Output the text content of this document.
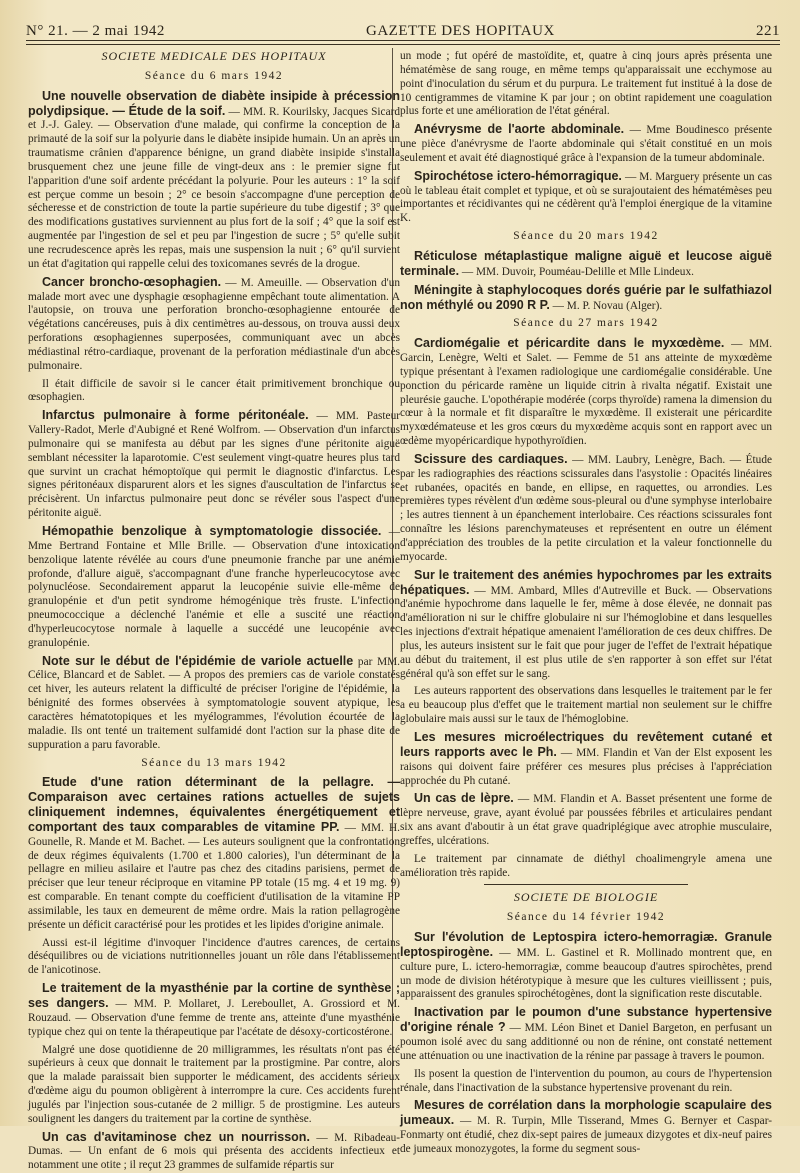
N° 21. — 2 mai 1942	GAZETTE DES HOPITAUX	221

SOCIETE MEDICALE DES HOPITAUX

Séance du 6 mars 1942

Une nouvelle observation de diabète insipide à précession polydipsique. — Étude de la soif. — MM. R. Kourilsky, Jacques Sicard et J.-J. Galey. — Observation d'une malade, qui confirme la conception de la primauté de la soif sur la polyurie dans le diabète insipide humain. Un an après un traumatisme crânien d'apparence bénigne, un grand diabète insipide s'installa brusquement chez une jeune fille de vingt-deux ans : le premier signe fut l'apparition d'une soif ardente précédant la polyurie. Pour les auteurs : 1° la soif est perçue comme un besoin ; 2° ce besoin s'accompagne d'une perception de sécheresse et de constriction de toute la partie supérieure du tube digestif ; 3° que des modifications gustatives surviennent au plus fort de la soif ; 4° que la soif est augmentée par l'ingestion de sel et peu par l'ingestion de sucre ; 5° qu'elle subit une recrudescence après les repas, mais une suspension la nuit ; 6° qu'il survient un état d'agitation qui rappelle celui des toxicomanes sevrés de la drogue.

Cancer broncho-œsophagien. — M. Ameuille. — Observation d'un malade mort avec une dysphagie œsophagienne empêchant toute alimentation. A l'autopsie, on trouva une perforation broncho-œsophagienne entourée de végétations cancéreuses, puis à dix centimètres au-dessous, on trouva aussi deux perforations œsophagiennes superposées, communiquant avec un abcès médiastinal rétro-cardiaque, provenant de la perforation médiastinale d'un abcès pulmonaire.

Il était difficile de savoir si le cancer était primitivement bronchique ou œsophagien.

Infarctus pulmonaire à forme péritonéale. — MM. Pasteur Vallery-Radot, Merle d'Aubigné et René Wolfrom. — Observation d'un infarctus pulmonaire qui se manifesta au début par les signes d'une péritonite aiguë semblant nécessiter la laparotomie. C'est seulement vingt-quatre heures plus tard que survint un crachat hémoptoïque qui permit le diagnostic d'infarctus. Les signes péritonéaux disparurent alors et les signes d'auscultation de l'infarctus se précisèrent. Un infarctus pulmonaire peut donc se révéler sous l'aspect d'une péritonite aiguë.

Hémopathie benzolique à symptomatologie dissociée. — Mme Bertrand Fontaine et Mlle Brille. — Observation d'une intoxication benzolique latente révélée au cours d'une pneumonie franche par une anémie profonde, d'allure aiguë, s'accompagnant d'une franche hyperleucocytose avec polynucléose. Secondairement apparut la leucopénie suivie elle-même de granulopénie et d'un petit syndrome hémogénique très fruste. L'infection pneumococcique a déclenché l'anémie et elle a suscité une réaction d'hyperleucocytose normale à laquelle a succédé une leucopénie avec granulopénie.

Note sur le début de l'épidémie de variole actuelle par MM. Célice, Blancard et de Sablet. — A propos des premiers cas de variole constatés cet hiver, les auteurs relatent la difficulté de préciser l'origine de l'épidémie, la bénignité des formes observées à symptomatologie souvent atypique, les caractères hématotopiques et les myélogrammes, l'évolution écourtée de la maladie. Ils ont tenté un traitement sulfamidé dont l'action sur la phase dite de suppuration a paru favorable.

Séance du 13 mars 1942

Etude d'une ration déterminant de la pellagre. — Comparaison avec certaines rations actuelles de sujets cliniquement indemnes, équivalentes énergétiquement et comportant des taux comparables de vitamine PP. — MM. H. Gounelle, R. Mande et M. Bachet. — Les auteurs soulignent que la confrontation de deux régimes équivalents (1.700 et 1.800 calories), l'un déterminant de la pellagre en milieu asilaire et l'autre pas chez des citadins parisiens, permet de préciser que leur teneur réciproque en vitamine PP totale (15 mg. 4 et 19 mg. 9) est comparable. En tenant compte du coefficient d'utilisation de la vitamine PP assimilable, les taux en demeurent de même ordre. Mais la ration pellagrogène présente un déficit caractérisé pour les protides et les lipides d'origine animale.

Aussi est-il légitime d'invoquer l'incidence d'autres carences, de certains déséquilibres ou de viciations nutritionnelles jouant un rôle dans l'établissement de l'anicotinose.

Le traitement de la myasthénie par la cortine de synthèse ; ses dangers. — MM. P. Mollaret, J. Lereboullet, A. Grossiord et M. Rouzaud. — Observation d'une femme de trente ans, atteinte d'une myasthénie typique chez qui on tente la thérapeutique par l'acétate de désoxy-corticostérone.

Malgré une dose quotidienne de 20 milligrammes, les résultats n'ont pas été supérieurs à ceux que donnait le traitement par la prostigmine. Par contre, alors que la malade paraissait bien supporter le médicament, des accidents sérieux d'œdème aigu du poumon obligèrent à interrompre la cure. Ces accidents furent jugulés par l'injection sous-cutanée de 2 milligr. 5 de prostigmine. Les auteurs soulignent les dangers du traitement par la cortine de synthèse.

Un cas d'avitaminose chez un nourrisson. — M. Ribadeau-Dumas. — Un enfant de 6 mois qui présenta des accidents infectieux et notamment une otite ; il reçut 23 grammes de sulfamide répartis sur

un mode ; fut opéré de mastoïdite, et, quatre à cinq jours après présenta une hématémèse de sang rouge, en même temps qu'apparaissait une ecchymose au point d'inoculation du sérum et du purpura. Le traitement fut institué à la dose de 10 centigrammes de vitamine K par jour ; on obtint rapidement une coagulation plus forte et une amélioration de l'état général.

Anévrysme de l'aorte abdominale. — Mme Boudinesco présente une pièce d'anévrysme de l'aorte abdominale qui s'était constitué en un mois seulement et avait été diagnostiqué grâce à l'expansion de la tumeur abdominale.

Spirochétose ictero-hémorragique. — M. Marguery présente un cas où le tableau était complet et typique, et où se surajoutaient des hématémèses peu importantes et récidivantes qui ne cédèrent qu'à l'emploi énergique de la vitamine K.

Séance du 20 mars 1942

Réticulose métaplastique maligne aiguë et leucose aiguë terminale. — MM. Duvoir, Pouméau-Delille et Mlle Lindeux.

Méningite à staphylocoques dorés guérie par le sulfathiazol non méthylé ou 2090 R P. — M. P. Novau (Alger).

Séance du 27 mars 1942

Cardiomégalie et péricardite dans le myxœdème. — MM. Garcin, Lenègre, Welti et Salet. — Femme de 51 ans atteinte de myxœdème typique présentant à l'examen radiologique une cardiomégalie considérable. Une ponction du péricarde ramène un liquide citrin à rivalta négatif. Existait une pleurésie gauche. L'opothérapie modérée (corps thyroïde) ramena la dimension du cœur à la normale et fit disparaître le myxœdème. Il existerait une péricardite myxœdémateuse et les gros cœurs du myxœdème acquis sont en rapport avec un œdème myopéricardique hypothyroïdien.

Scissure des cardiaques. — MM. Laubry, Lenègre, Bach. — Étude par les radiographies des réactions scissurales dans l'asystolie : Opacités linéaires et rubanées, opacités en bande, en ellipse, en raquettes, ou arrondies. Les premières types révèlent d'un œdème sous-pleural ou d'une symphyse interlobaire ; les autres tiennent à un épanchement interlobaire. Ces réactions scissurales font connaître les lésions parenchymateuses et représentent en outre un élément d'appréciation des troubles de la petite circulation et la valeur fonctionnelle du myocarde.

Sur le traitement des anémies hypochromes par les extraits hépatiques. — MM. Ambard, Mlles d'Autreville et Buck. — Observations d'anémie hypochrome dans laquelle le fer, même à dose élevée, ne donnait pas d'amélioration ni sur le chiffre globulaire ni sur l'hémoglobine et dans lesquelles les injections d'extrait hépatique amenaient l'amélioration de ces deux chiffres. De plus, les auteurs insistent sur le fait que pour juger de l'effet de l'extrait hépatique au début du traitement, il est plus utile de s'en rapporter à son effet sur l'état général qu'à son effet sur le sang.

Les auteurs rapportent des observations dans lesquelles le traitement par le fer a eu beaucoup plus d'effet que le traitement martial non seulement sur le chiffre globulaire mais aussi sur le taux de l'hémoglobine.

Les mesures microélectriques du revêtement cutané et leurs rapports avec le Ph. — MM. Flandin et Van der Elst exposent les raisons qui doivent faire préférer ces mesures plus précises à l'appréciation approchée du Ph cutané.

Un cas de lèpre. — MM. Flandin et A. Basset présentent une forme de lèpre nerveuse, grave, ayant évolué par poussées fébriles et articulaires pendant six ans avant d'aboutir à un état grave quadriplégique avec atrophie musculaire, greffes, ulcérations.

Le traitement par cinnamate de diéthyl choalimengryle amena une amélioration très rapide.

SOCIETE DE BIOLOGIE

Séance du 14 février 1942

Sur l'évolution de Leptospira ictero-hemorragiæ. Granule leptospirogène. — MM. L. Gastinel et R. Mollinado montrent que, en culture pure, L. ictero-hemorragiæ, comme beaucoup d'autres spirochètes, prend un mode de division hétérotypique à mesure que les cultures vieillissent ; puis, apparaissent des granules spirochétogènes, dont la signification reste discutable.

Inactivation par le poumon d'une substance hypertensive d'origine rénale ? — MM. Léon Binet et Daniel Bargeton, en perfusant un poumon isolé avec du sang additionné ou non de rénine, ont constaté nettement une atténuation ou une inactivation de la rénine par passage à travers le poumon.

Ils posent la question de l'intervention du poumon, au cours de l'hypertension rénale, dans l'inactivation de la substance hypertensive provenant du rein.

Mesures de corrélation dans la morphologie scapulaire des jumeaux. — M. R. Turpin, Mlle Tisserand, Mmes G. Bernyer et Caspar-Fonmarty ont étudié, chez dix-sept paires de jumeaux dizygotes et dix-neuf paires de jumeaux monozygotes, la forme du segment sous-
